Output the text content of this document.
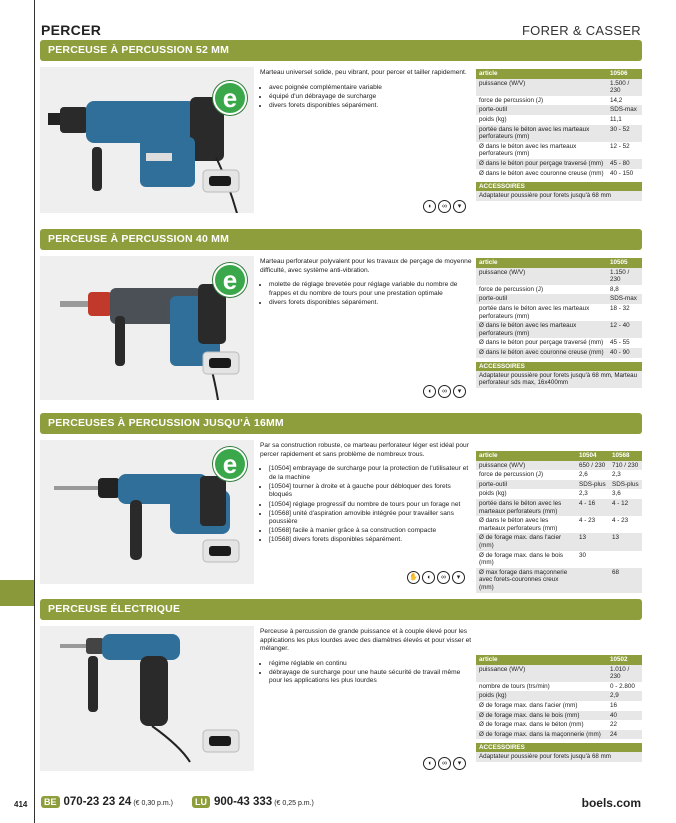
PERCER	FORER & CASSER
PERCEUSE À PERCUSSION 52 MM
e
Marteau universel solide, peu vibrant, pour percer et tailler rapidement.
• avec poignée complémentaire variable
• équipé d'un débrayage de surcharge
• divers forets disponibles séparément.
article	10506
puissance (W/V)	1.500 / 230
force de percussion (J)	14,2
porte-outil	SDS-max
poids (kg)	11,1
portée dans le béton avec les marteaux perforateurs (mm)	30 - 52
Ø dans le béton avec les marteaux perforateurs (mm)	12 - 52
Ø dans le béton pour perçage traversé (mm)	45 - 80
Ø dans le béton avec couronne creuse (mm)	40 - 150
ACCESSOIRES
Adaptateur poussière pour forets jusqu'à 68 mm
◖	∞	▾
PERCEUSE À PERCUSSION 40 MM
e
Marteau perforateur polyvalent pour les travaux de perçage de moyenne difficulté, avec système anti-vibration.
• molette de réglage brevetée pour réglage variable du nombre de frappes et du nombre de tours pour une prestation optimale
• divers forets disponibles séparément.
article	10505
puissance (W/V)	1.150 / 230
force de percussion (J)	8,8
porte-outil	SDS-max
portée dans le béton avec les marteaux perforateurs (mm)	18 - 32
Ø dans le béton avec les marteaux perforateurs (mm)	12 - 40
Ø dans le béton pour perçage traversé (mm)	45 - 55
Ø dans le béton avec couronne creuse (mm)	40 - 90
ACCESSOIRES
Adaptateur poussière pour forets jusqu'à 68 mm, Marteau perforateur sds max, 16x400mm
◖	∞	▾
PERCEUSES À PERCUSSION JUSQU'À 16MM
e
Par sa construction robuste, ce marteau perforateur léger est idéal pour percer rapidement et sans problème de nombreux trous.
• [10504] embrayage de surcharge pour la protection de l'utilisateur et de la machine
• [10504] tourner à droite et à gauche pour débloquer des forets bloqués
• [10504] réglage progressif du nombre de tours pour un forage net
• [10568] unité d'aspiration amovible intégrée pour travailler sans poussière
• [10568] facile à manier grâce à sa construction compacte
• [10568] divers forets disponibles séparément.
article	10504	10568
puissance (W/V)	650 / 230	710 / 230
force de percussion (J)	2,6	2,3
porte-outil	SDS-plus	SDS-plus
poids (kg)	2,3	3,6
portée dans le béton avec les marteaux perforateurs (mm)	4 - 16	4 - 12
Ø dans le béton avec les marteaux perforateurs (mm)	4 - 23	4 - 23
Ø de forage max. dans l'acier (mm)	13	13
Ø de forage max. dans le bois (mm)	30	
Ø max forage dans maçonnerie avec forets-couronnes creux (mm)		68
✋	◖	∞	▾
PERCEUSE ÉLECTRIQUE
Perceuse à percussion de grande puissance et à couple élevé pour les applications les plus lourdes avec des diamètres élevés et pour visser et mélanger.
• régime réglable en continu
• débrayage de surcharge pour une haute sécurité de travail même pour les applications les plus lourdes
article	10502
puissance (W/V)	1.010 / 230
nombre de tours (trs/min)	0 - 2.800
poids (kg)	2,9
Ø de forage max. dans l'acier (mm)	16
Ø de forage max. dans le bois (mm)	40
Ø de forage max. dans le béton (mm)	22
Ø de forage max. dans la maçonnerie (mm)	24
ACCESSOIRES
Adaptateur poussière pour forets jusqu'à 68 mm
◖	∞	▾
414	BE 070-23 23 24 (€ 0,30 p.m.)	LU 900-43 333 (€ 0,25 p.m.)	boels.com
